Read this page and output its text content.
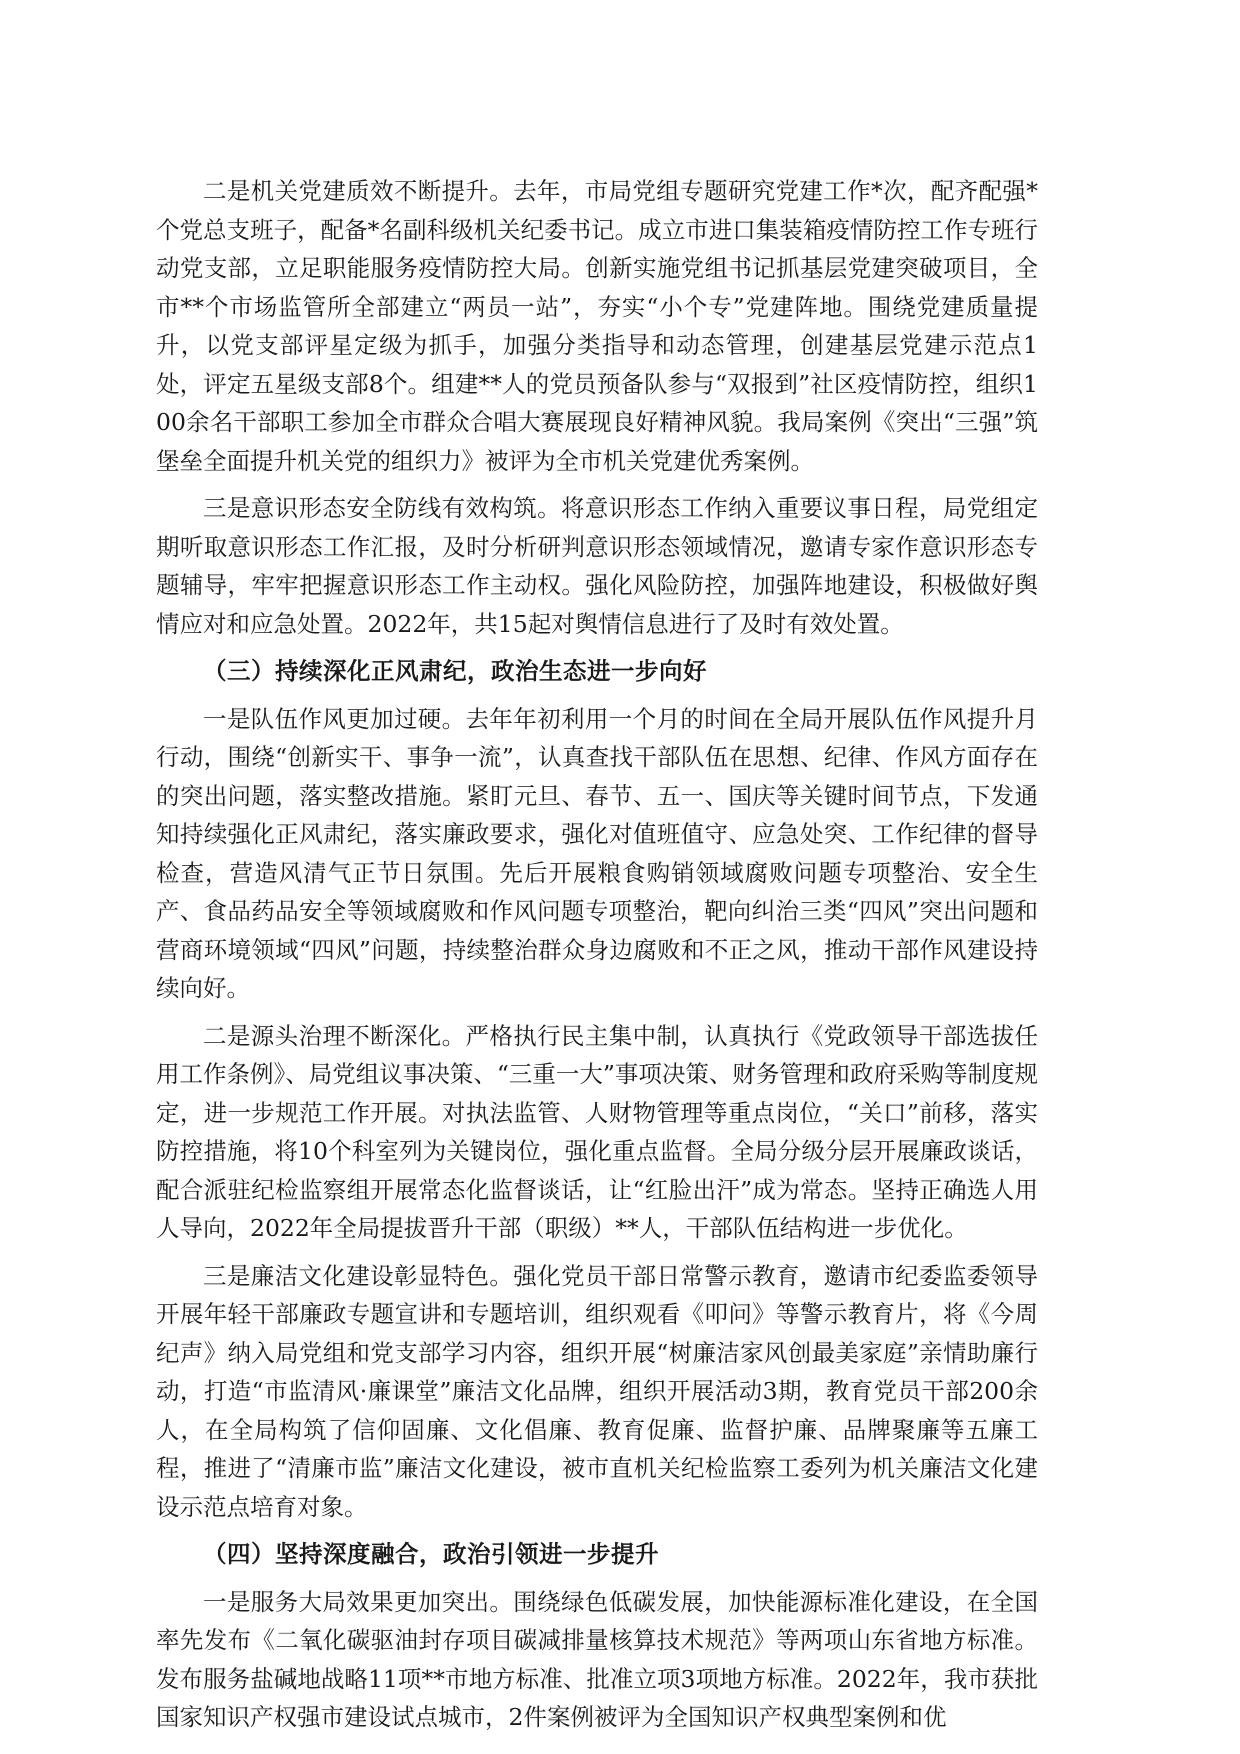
二是机关党建质效不断提升。去年，市局党组专题研究党建工作*次，配齐配强*个党总支班子，配备*名副科级机关纪委书记。成立市进口集装箱疫情防控工作专班行动党支部，立足职能服务疫情防控大局。创新实施党组书记抓基层党建突破项目，全市**个市场监管所全部建立“两员一站”，夯实“小个专”党建阵地。围绕党建质量提升，以党支部评星定级为抓手，加强分类指导和动态管理，创建基层党建示范点1处，评定五星级支部8个。组建**人的党员预备队参与“双报到”社区疫情防控，组织100余名干部职工参加全市群众合唱大赛展现良好精神风貌。我局案例《突出“三强”筑堡垒全面提升机关党的组织力》被评为全市机关党建优秀案例。

三是意识形态安全防线有效构筑。将意识形态工作纳入重要议事日程，局党组定期听取意识形态工作汇报，及时分析研判意识形态领域情况，邀请专家作意识形态专题辅导，牢牢把握意识形态工作主动权。强化风险防控，加强阵地建设，积极做好舆情应对和应急处置。2022年，共15起对舆情信息进行了及时有效处置。

（三）持续深化正风肃纪，政治生态进一步向好

一是队伍作风更加过硬。去年年初利用一个月的时间在全局开展队伍作风提升月行动，围绕“创新实干、事争一流”，认真查找干部队伍在思想、纪律、作风方面存在的突出问题，落实整改措施。紧盯元旦、春节、五一、国庆等关键时间节点，下发通知持续强化正风肃纪，落实廉政要求，强化对值班值守、应急处突、工作纪律的督导检查，营造风清气正节日氛围。先后开展粮食购销领域腐败问题专项整治、安全生产、食品药品安全等领域腐败和作风问题专项整治，靶向纠治三类“四风”突出问题和营商环境领域“四风”问题，持续整治群众身边腐败和不正之风，推动干部作风建设持续向好。

二是源头治理不断深化。严格执行民主集中制，认真执行《党政领导干部选拔任用工作条例》、局党组议事决策、“三重一大”事项决策、财务管理和政府采购等制度规定，进一步规范工作开展。对执法监管、人财物管理等重点岗位，“关口”前移，落实防控措施，将10个科室列为关键岗位，强化重点监督。全局分级分层开展廉政谈话，配合派驻纪检监察组开展常态化监督谈话，让“红脸出汗”成为常态。坚持正确选人用人导向，2022年全局提拔晋升干部（职级）**人，干部队伍结构进一步优化。

三是廉洁文化建设彰显特色。强化党员干部日常警示教育，邀请市纪委监委领导开展年轻干部廉政专题宣讲和专题培训，组织观看《叩问》等警示教育片，将《今周纪声》纳入局党组和党支部学习内容，组织开展“树廉洁家风创最美家庭”亲情助廉行动，打造“市监清风·廉课堂”廉洁文化品牌，组织开展活动3期，教育党员干部200余人，在全局构筑了信仰固廉、文化倡廉、教育促廉、监督护廉、品牌聚廉等五廉工程，推进了“清廉市监”廉洁文化建设，被市直机关纪检监察工委列为机关廉洁文化建设示范点培育对象。

（四）坚持深度融合，政治引领进一步提升

一是服务大局效果更加突出。围绕绿色低碳发展，加快能源标准化建设，在全国率先发布《二氧化碳驱油封存项目碳减排量核算技术规范》等两项山东省地方标准。发布服务盐碱地战略11项**市地方标准、批准立项3项地方标准。2022年，我市获批国家知识产权强市建设试点城市，2件案例被评为全国知识产权典型案例和优
